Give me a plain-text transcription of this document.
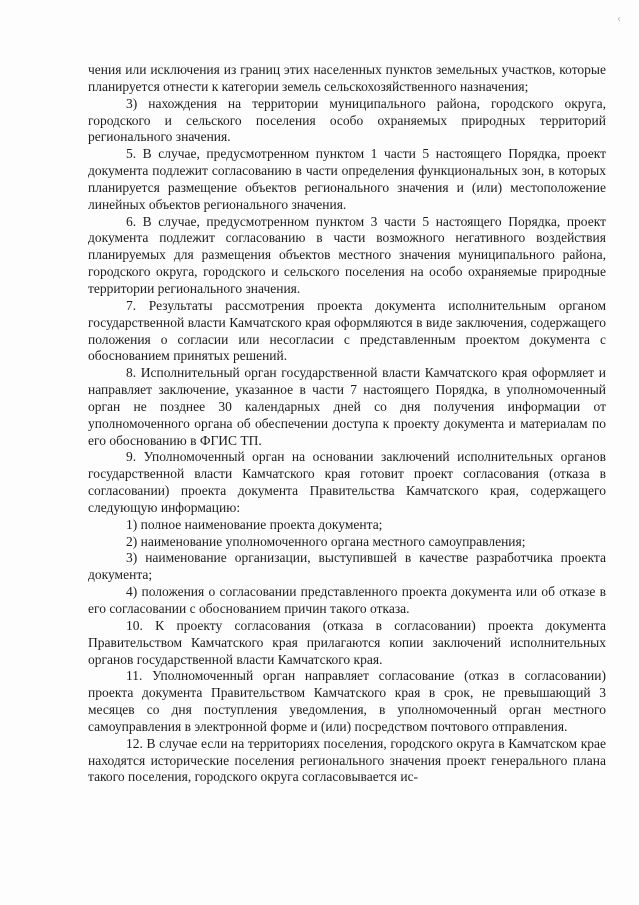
‹

чения или исключения из границ этих населенных пунктов земельных участков, которые планируется отнести к категории земель сельскохозяйственного назначения;

3) нахождения на территории муниципального района, городского округа, городского и сельского поселения особо охраняемых природных территорий регионального значения.

5. В случае, предусмотренном пунктом 1 части 5 настоящего Порядка, проект документа подлежит согласованию в части определения функциональных зон, в которых планируется размещение объектов регионального значения и (или) местоположение линейных объектов регионального значения.

6. В случае, предусмотренном пунктом 3 части 5 настоящего Порядка, проект документа подлежит согласованию в части возможного негативного воздействия планируемых для размещения объектов местного значения муниципального района, городского округа, городского и сельского поселения на особо охраняемые природные территории регионального значения.

7. Результаты рассмотрения проекта документа исполнительным органом государственной власти Камчатского края оформляются в виде заключения, содержащего положения о согласии или несогласии с представленным проектом документа с обоснованием принятых решений.

8. Исполнительный орган государственной власти Камчатского края оформляет и направляет заключение, указанное в части 7 настоящего Порядка, в уполномоченный орган не позднее 30 календарных дней со дня получения информации от уполномоченного органа об обеспечении доступа к проекту документа и материалам по его обоснованию в ФГИС ТП.

9. Уполномоченный орган на основании заключений исполнительных органов государственной власти Камчатского края готовит проект согласования (отказа в согласовании) проекта документа Правительства Камчатского края, содержащего следующую информацию:

1) полное наименование проекта документа;

2) наименование уполномоченного органа местного самоуправления;

3) наименование организации, выступившей в качестве разработчика проекта документа;

4) положения о согласовании представленного проекта документа или об отказе в его согласовании с обоснованием причин такого отказа.

10. К проекту согласования (отказа в согласовании) проекта документа Правительством Камчатского края прилагаются копии заключений исполнительных органов государственной власти Камчатского края.

11. Уполномоченный орган направляет согласование (отказ в согласовании) проекта документа Правительством Камчатского края в срок, не превышающий 3 месяцев со дня поступления уведомления, в уполномоченный орган местного самоуправления в электронной форме и (или) посредством почтового отправления.

12. В случае если на территориях поселения, городского округа в Камчатском крае находятся исторические поселения регионального значения проект генерального плана такого поселения, городского округа согласовывается ис-
